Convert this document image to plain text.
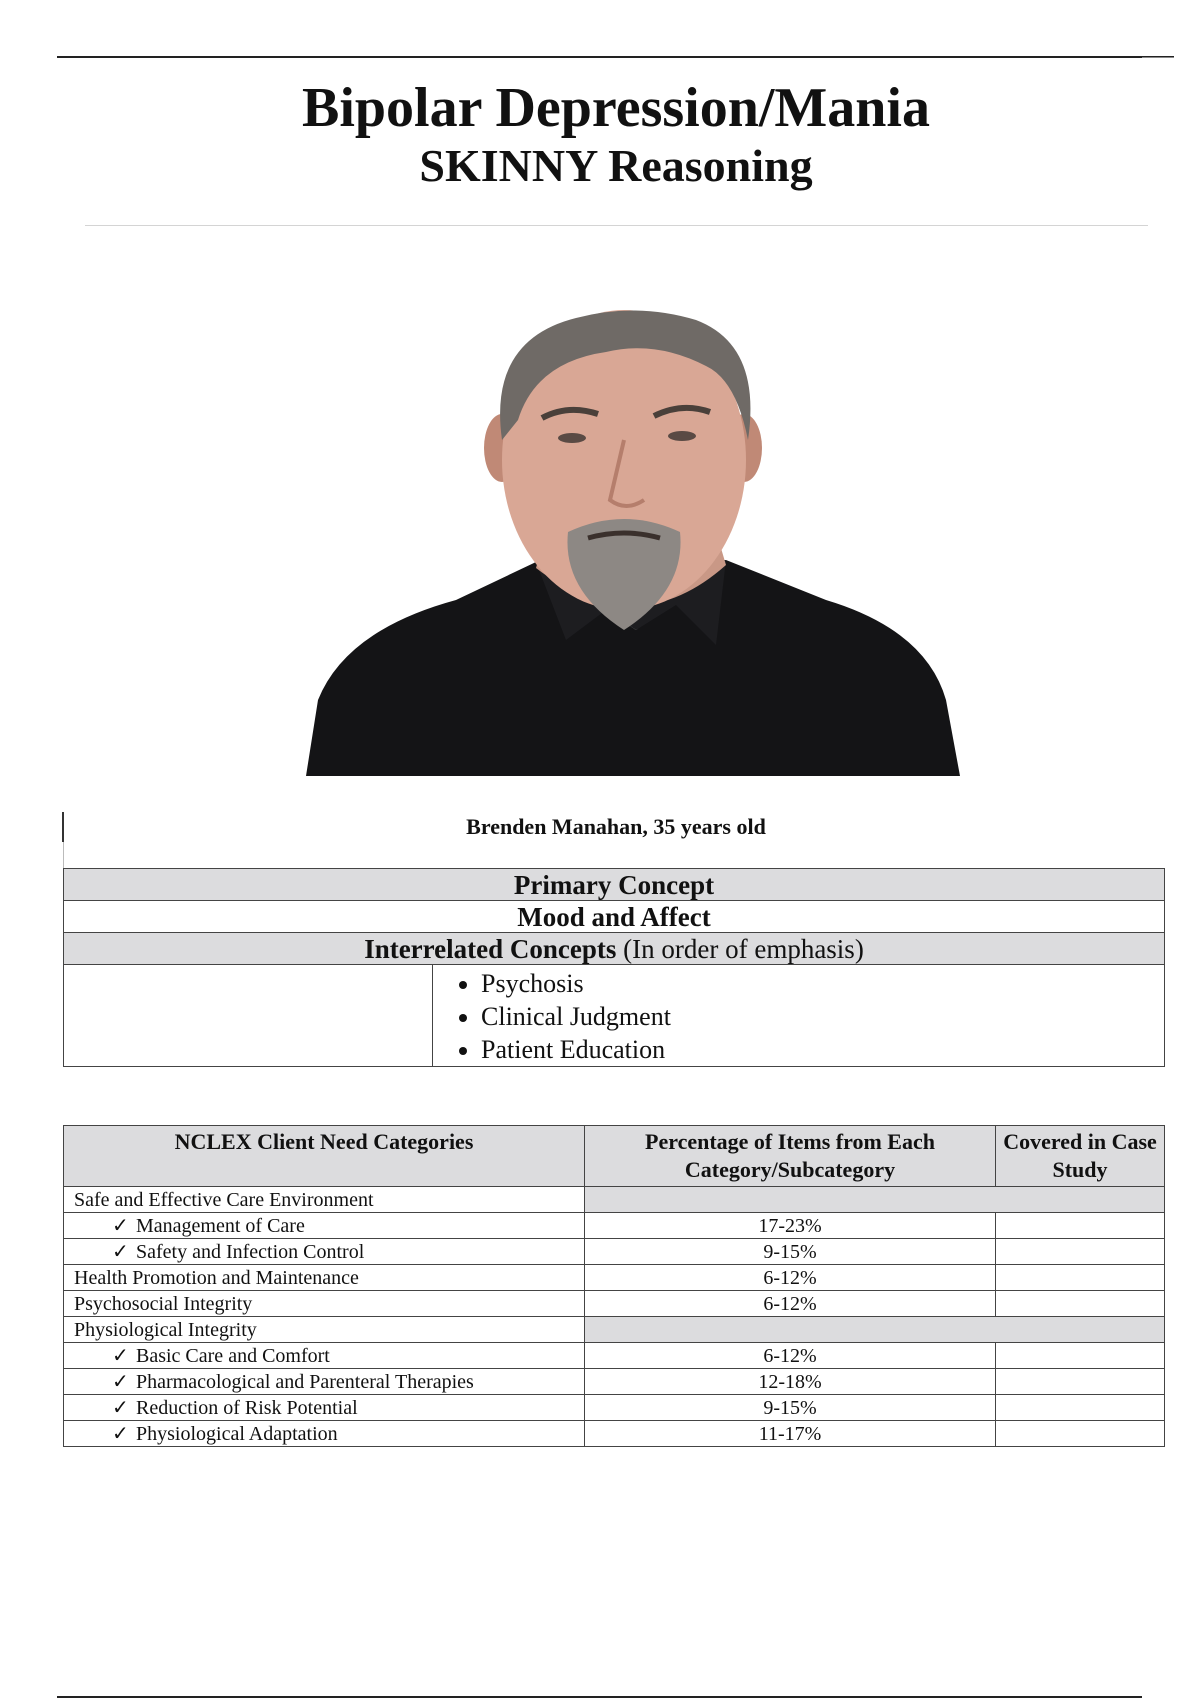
Bipolar Depression/Mania
SKINNY Reasoning
Brenden Manahan, 35 years old
Primary Concept
Mood and Affect
Interrelated Concepts (In order of emphasis)

• Psychosis
• Clinical Judgment
• Patient Education
NCLEX Client Need Categories	Percentage of Items from Each Category/Subcategory	Covered in Case Study
Safe and Effective Care Environment		
✓ Management of Care	17-23%	
✓ Safety and Infection Control	9-15%	
Health Promotion and Maintenance	6-12%	
Psychosocial Integrity	6-12%	
Physiological Integrity		
✓ Basic Care and Comfort	6-12%	
✓ Pharmacological and Parenteral Therapies	12-18%	
✓ Reduction of Risk Potential	9-15%	
✓ Physiological Adaptation	11-17%	
